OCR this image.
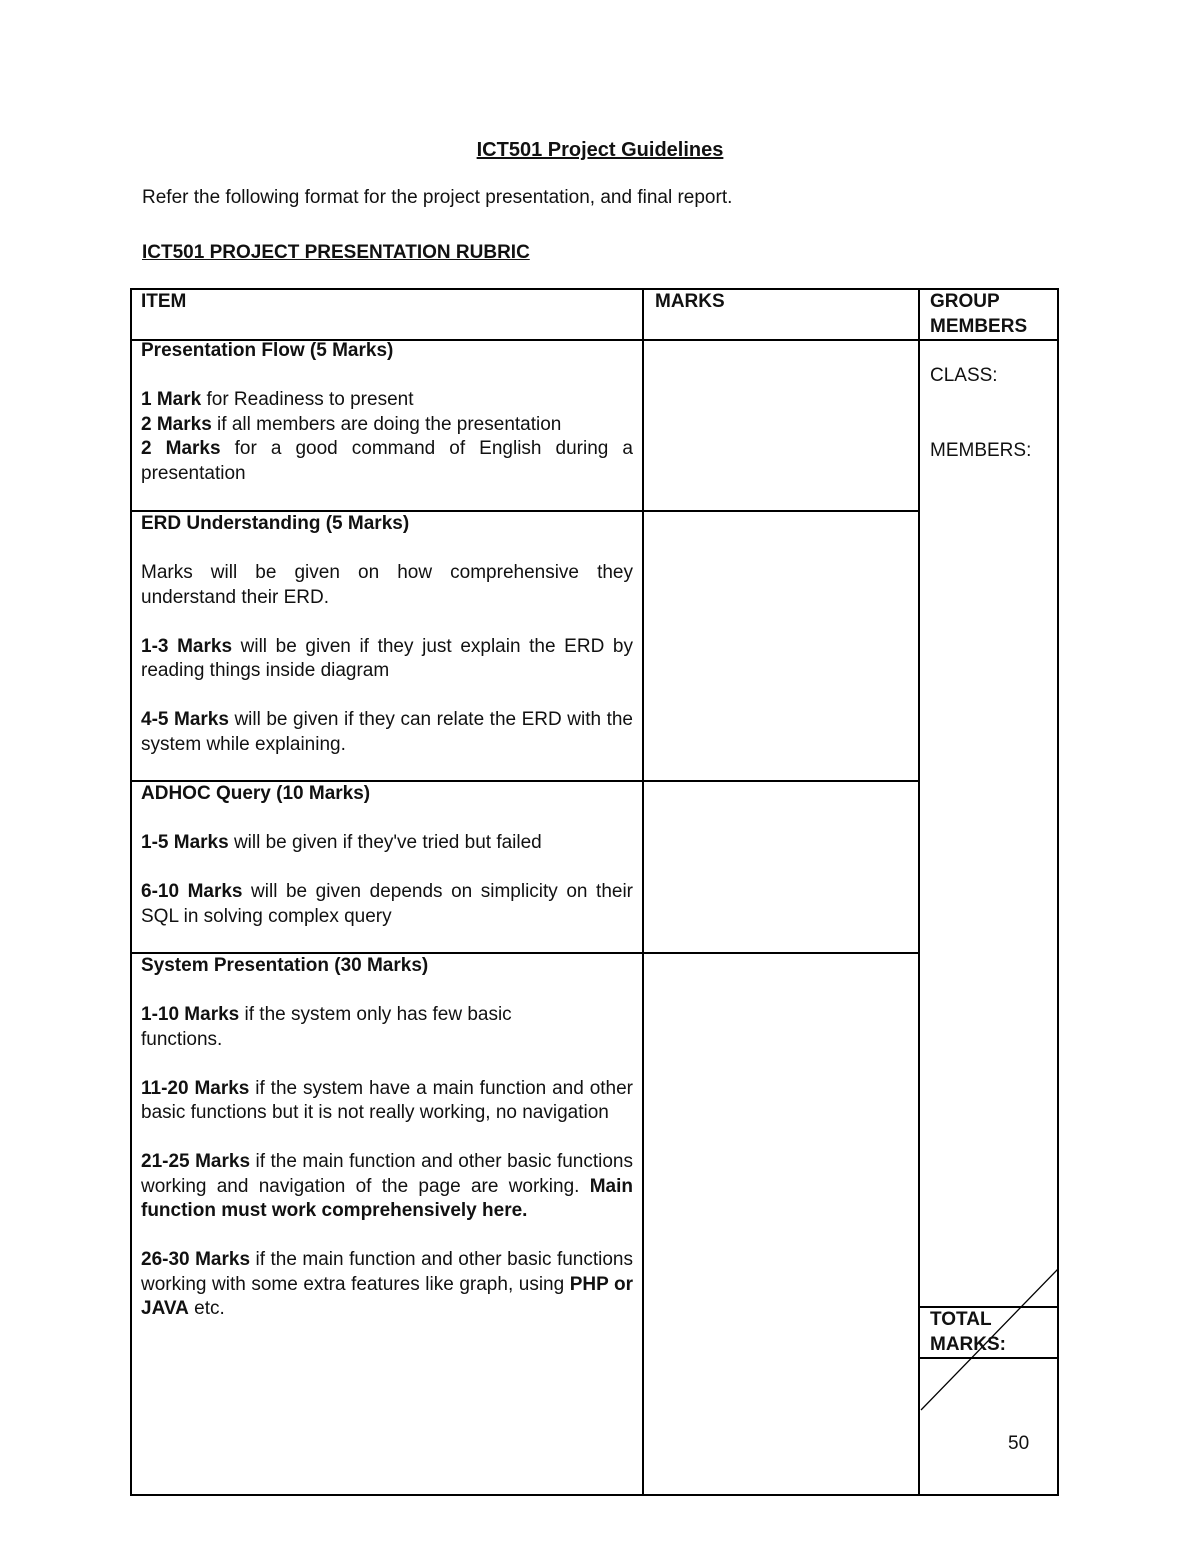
ICT501 Project Guidelines
Refer the following format for the project presentation, and final report.
ICT501 PROJECT PRESENTATION RUBRIC
ITEM	MARKS	GROUP MEMBERS

Presentation Flow (5 Marks)

1 Mark for Readiness to present

2 Marks if all members are doing the presentation

2 Marks for a good command of English during a presentation

ERD Understanding (5 Marks)

Marks will be given on how comprehensive they understand their ERD.

1-3 Marks will be given if they just explain the ERD by reading things inside diagram

4-5 Marks will be given if they can relate the ERD with the system while explaining.

ADHOC Query (10 Marks)

1-5 Marks will be given if they've tried but failed

6-10 Marks will be given depends on simplicity on their SQL in solving complex query

System Presentation (30 Marks)

1-10 Marks if the system only has few basic functions.

11-20 Marks if the system have a main function and other basic functions but it is not really working, no navigation

21-25 Marks if the main function and other basic functions working and navigation of the page are working. Main function must work comprehensively here.

26-30 Marks if the main function and other basic functions working with some extra features like graph, using PHP or JAVA etc.

CLASS:
MEMBERS:
TOTAL MARKS:
50
